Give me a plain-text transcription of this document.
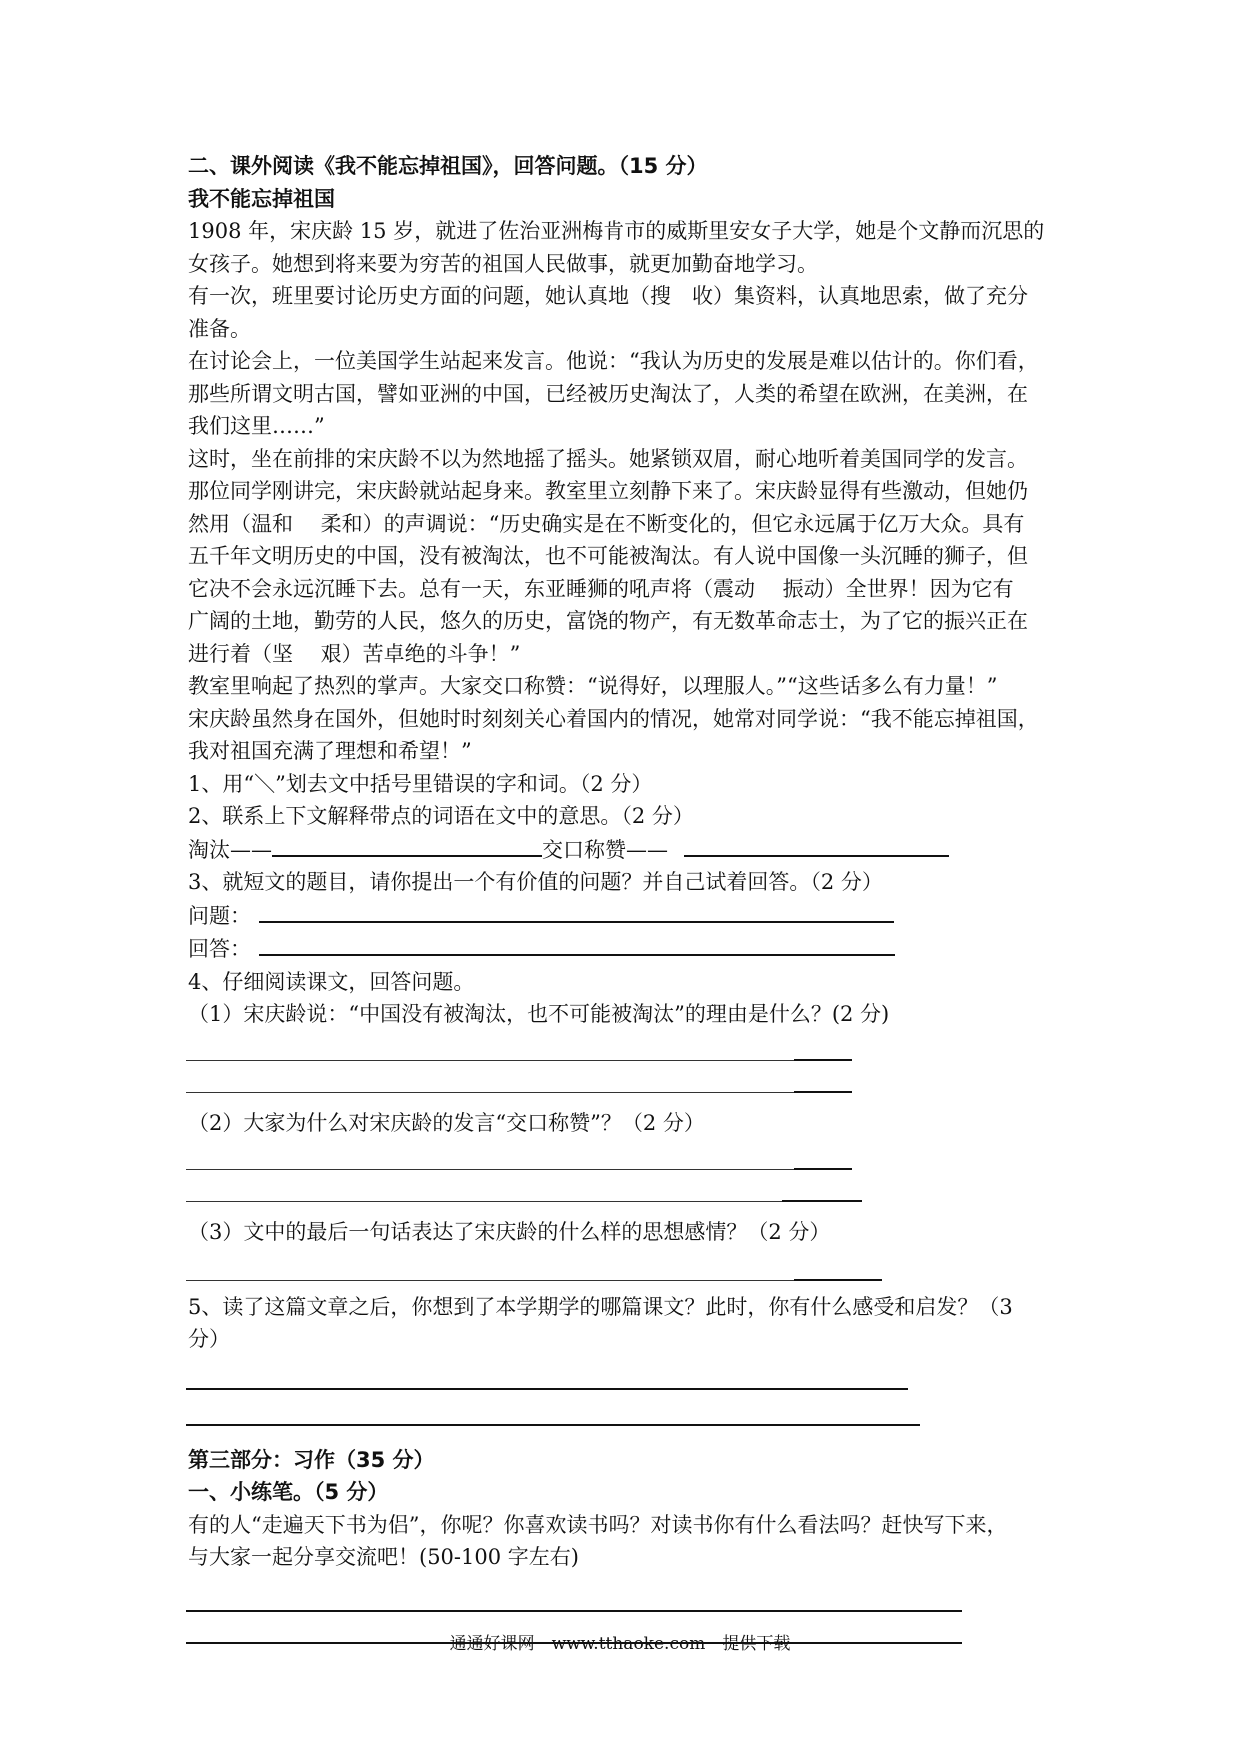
二、课外阅读《我不能忘掉祖国》，回答问题。（15 分）
我不能忘掉祖国
1908 年，宋庆龄 15 岁，就进了佐治亚洲梅肯市的威斯里安女子大学，她是个文静而沉思的
女孩子。她想到将来要为穷苦的祖国人民做事，就更加勤奋地学习。
有一次，班里要讨论历史方面的问题，她认真地（搜　收）集资料，认真地思索，做了充分
准备。
在讨论会上，一位美国学生站起来发言。他说：“我认为历史的发展是难以估计的。你们看，
那些所谓文明古国，譬如亚洲的中国，已经被历史淘汰了，人类的希望在欧洲，在美洲，在
我们这里……”
这时，坐在前排的宋庆龄不以为然地摇了摇头。她紧锁双眉，耐心地听着美国同学的发言。
那位同学刚讲完，宋庆龄就站起身来。教室里立刻静下来了。宋庆龄显得有些激动，但她仍
然用（温和　 柔和）的声调说：“历史确实是在不断变化的，但它永远属于亿万大众。具有
五千年文明历史的中国，没有被淘汰，也不可能被淘汰。有人说中国像一头沉睡的狮子，但
它决不会永远沉睡下去。总有一天，东亚睡狮的吼声将（震动　 振动）全世界！因为它有
广阔的土地，勤劳的人民，悠久的历史，富饶的物产，有无数革命志士，为了它的振兴正在
进行着（坚　 艰）苦卓绝的斗争！”
教室里响起了热烈的掌声。大家交口称赞：“说得好，以理服人。”“这些话多么有力量！”
宋庆龄虽然身在国外，但她时时刻刻关心着国内的情况，她常对同学说：“我不能忘掉祖国，
我对祖国充满了理想和希望！”
1、用“＼”划去文中括号里错误的字和词。（2 分）
2、联系上下文解释带点的词语在文中的意思。（2 分）
淘汰——	交口称赞——
3、就短文的题目，请你提出一个有价值的问题？并自己试着回答。（2 分）
问题：
回答：
4、仔细阅读课文，回答问题。
（1）宋庆龄说：“中国没有被淘汰，也不可能被淘汰”的理由是什么？(2 分)
（2）大家为什么对宋庆龄的发言“交口称赞”？（2 分）
（3）文中的最后一句话表达了宋庆龄的什么样的思想感情？（2 分）
5、读了这篇文章之后，你想到了本学期学的哪篇课文？此时，你有什么感受和启发？（3
分）
第三部分：习作（35 分）
一、小练笔。（5 分）
有的人“走遍天下书为侣”，你呢？你喜欢读书吗？对读书你有什么看法吗？赶快写下来，
与大家一起分享交流吧！(50-100 字左右)
通通好课网　www.tthaoke.com　提供下载
